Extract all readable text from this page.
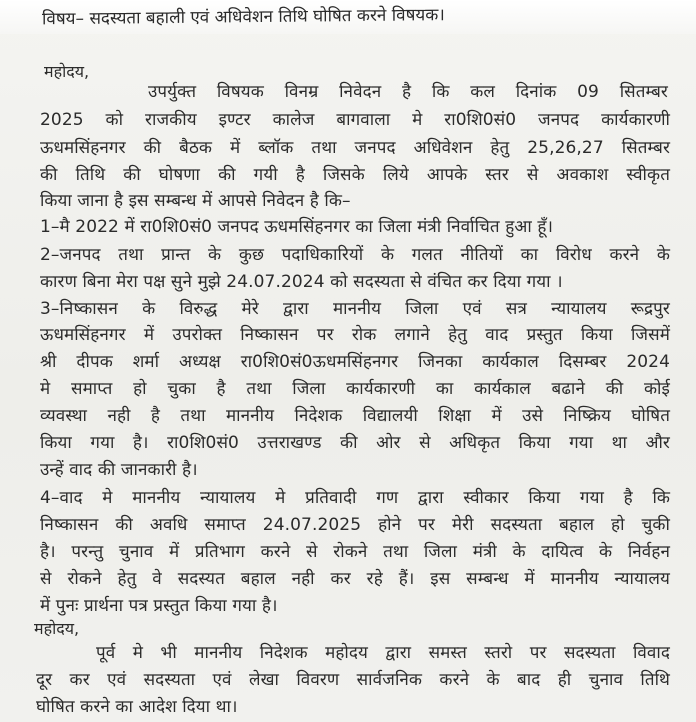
विषय– सदस्यता बहाली एवं अधिवेशन तिथि घोषित करने विषयक।
महोदय,
उपर्युक्त विषयक विनम्र निवेदन है कि कल दिनांक 09 सितम्बर
2025 को राजकीय इण्टर कालेज बागवाला मे रा0शि0सं0 जनपद कार्यकारणी
ऊधमसिंहनगर की बैठक में ब्लॉक तथा जनपद अधिवेशन हेतु 25,26,27 सितम्बर
की तिथि की घोषणा की गयी है जिसके लिये आपके स्तर से अवकाश स्वीकृत
किया जाना है इस सम्बन्ध में आपसे निवेदन है कि–
1–मै 2022 में रा0शि0सं0 जनपद ऊधमसिंहनगर का जिला मंत्री निर्वाचित हुआ हूँ।
2–जनपद तथा प्रान्त के कुछ पदाधिकारियों के गलत नीतियों का विरोध करने के
कारण बिना मेरा पक्ष सुने मुझे 24.07.2024 को सदस्यता से वंचित कर दिया गया ।
3–निष्कासन के विरुद्ध मेरे द्वारा माननीय जिला एवं सत्र न्यायालय रूद्रपुर
ऊधमसिंहनगर में उपरोक्त निष्कासन पर रोक लगाने हेतु वाद प्रस्तुत किया जिसमें
श्री दीपक शर्मा अध्यक्ष रा0शि0सं0ऊधमसिंहनगर जिनका कार्यकाल दिसम्बर 2024
मे समाप्त हो चुका है तथा जिला कार्यकारणी का कार्यकाल बढाने की कोई
व्यवस्था नही है तथा माननीय निदेशक विद्यालयी शिक्षा में उसे निष्क्रिय घोषित
किया गया है। रा0शि0सं0 उत्तराखण्ड की ओर से अधिकृत किया गया था और
उन्हें वाद की जानकारी है।
4–वाद मे माननीय न्यायालय मे प्रतिवादी गण द्वारा स्वीकार किया गया है कि
निष्कासन की अवधि समाप्त 24.07.2025 होने पर मेरी सदस्यता बहाल हो चुकी
है। परन्तु चुनाव में प्रतिभाग करने से रोकने तथा जिला मंत्री के दायित्व के निर्वहन
से रोकने हेतु वे सदस्यत बहाल नही कर रहे हैं। इस सम्बन्ध में माननीय न्यायालय
में पुनः प्रार्थना पत्र प्रस्तुत किया गया है।
महोदय,
पूर्व मे भी माननीय निदेशक महोदय द्वारा समस्त स्तरो पर सदस्यता विवाद
दूर कर एवं सदस्यता एवं लेखा विवरण सार्वजनिक करने के बाद ही चुनाव तिथि
घोषित करने का आदेश दिया था।
